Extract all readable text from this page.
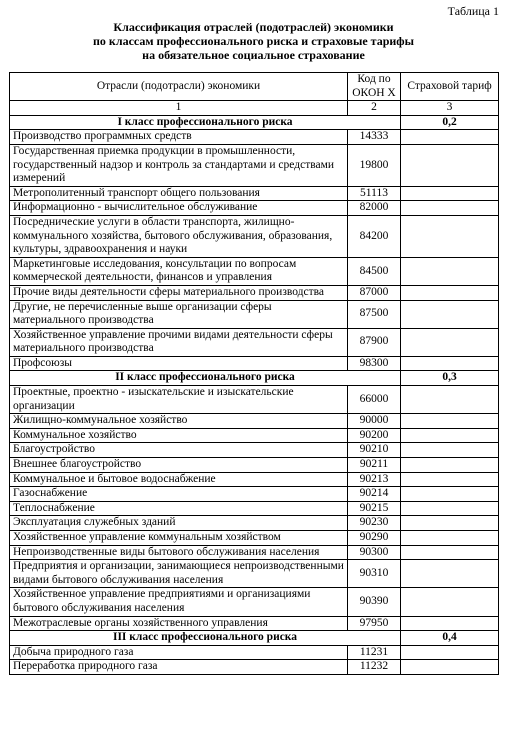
Таблица 1
Классификация отраслей (подотраслей) экономики
по классам профессионального риска и страховые тарифы
на обязательное социальное страхование
Отрасли (подотрасли) экономики	Код по ОКОН Х	Страховой тариф
1	2	3
I класс профессионального риска		0,2
Производство программных средств	14333	
Государственная приемка продукции в промышленности, государственный надзор и контроль за стандартами и средствами измерений	19800	
Метрополитенный транспорт общего пользования	51113	
Информационно - вычислительное обслуживание	82000	
Посреднические услуги в области транспорта, жилищно-коммунального хозяйства, бытового обслуживания, образования, культуры, здравоохранения и науки	84200	
Маркетинговые исследования, консультации по вопросам коммерческой деятельности, финансов и управления	84500	
Прочие виды деятельности сферы материального производства	87000	
Другие, не перечисленные выше организации сферы материального производства	87500	
Хозяйственное управление прочими видами деятельности сферы материального производства	87900	
Профсоюзы	98300	
II класс профессионального риска		0,3
Проектные, проектно - изыскательские и изыскательские организации	66000	
Жилищно-коммунальное хозяйство	90000	
Коммунальное хозяйство	90200	
Благоустройство	90210	
Внешнее благоустройство	90211	
Коммунальное и бытовое водоснабжение	90213	
Газоснабжение	90214	
Теплоснабжение	90215	
Эксплуатация служебных зданий	90230	
Хозяйственное управление коммунальным хозяйством	90290	
Непроизводственные виды бытового обслуживания населения	90300	
Предприятия и организации, занимающиеся непроизводственными видами бытового обслуживания населения	90310	
Хозяйственное управление предприятиями и организациями бытового обслуживания населения	90390	
Межотраслевые органы хозяйственного управления	97950	
III класс профессионального риска		0,4
Добыча природного газа	11231	
Переработка природного газа	11232	
